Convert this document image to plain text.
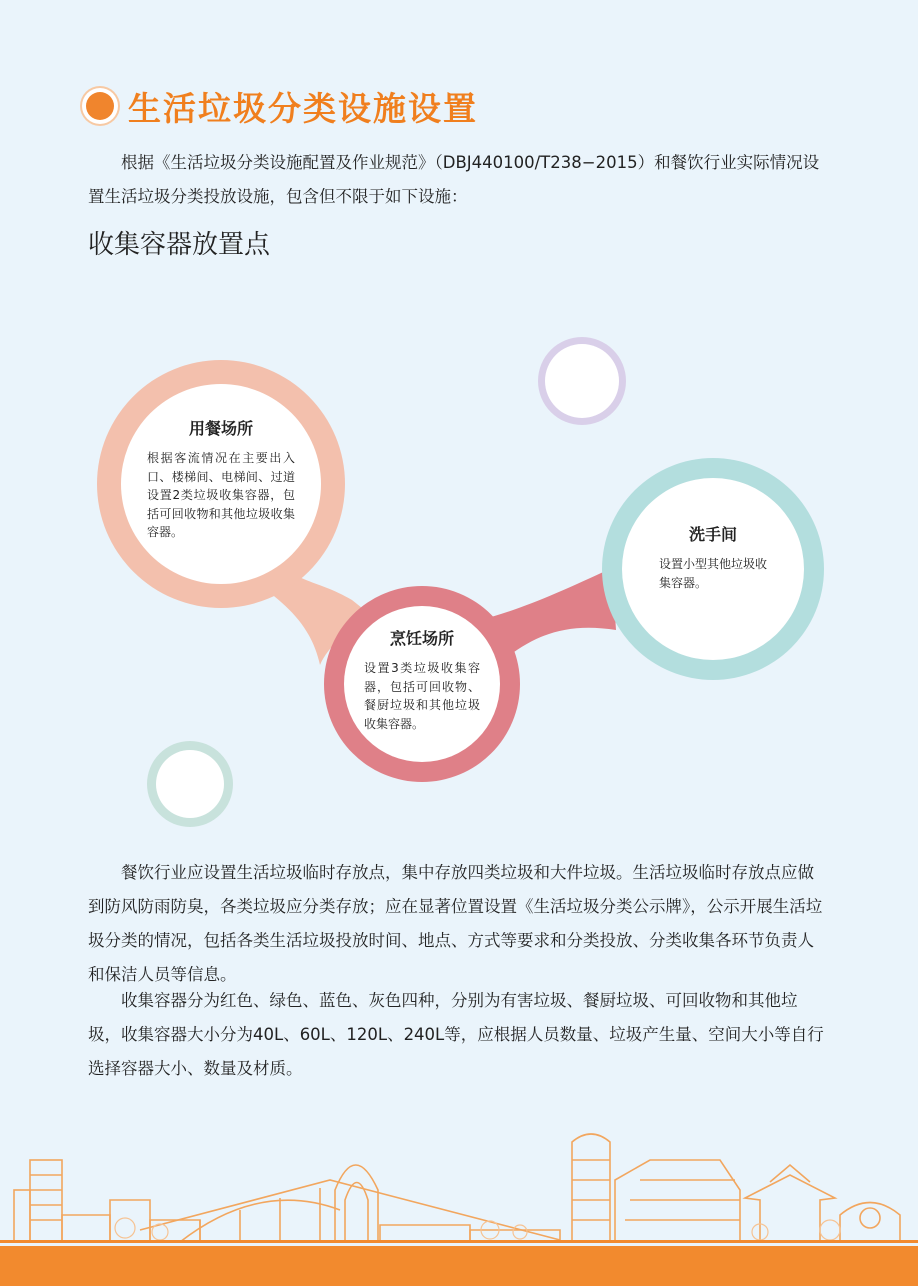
生活垃圾分类设施设置

根据《生活垃圾分类设施配置及作业规范》（DBJ440100/T238−2015）和餐饮行业实际情况设置生活垃圾分类投放设施，包含但不限于如下设施：

收集容器放置点
用餐场所
根据客流情况在主要出入口、楼梯间、电梯间、过道设置2类垃圾收集容器，包括可回收物和其他垃圾收集容器。
烹饪场所
设置3类垃圾收集容器，包括可回收物、餐厨垃圾和其他垃圾收集容器。
洗手间
设置小型其他垃圾收集容器。

餐饮行业应设置生活垃圾临时存放点，集中存放四类垃圾和大件垃圾。生活垃圾临时存放点应做到防风防雨防臭，各类垃圾应分类存放；应在显著位置设置《生活垃圾分类公示牌》，公示开展生活垃圾分类的情况，包括各类生活垃圾投放时间、地点、方式等要求和分类投放、分类收集各环节负责人和保洁人员等信息。

收集容器分为红色、绿色、蓝色、灰色四种，分别为有害垃圾、餐厨垃圾、可回收物和其他垃圾，收集容器大小分为40L、60L、120L、240L等，应根据人员数量、垃圾产生量、空间大小等自行选择容器大小、数量及材质。
